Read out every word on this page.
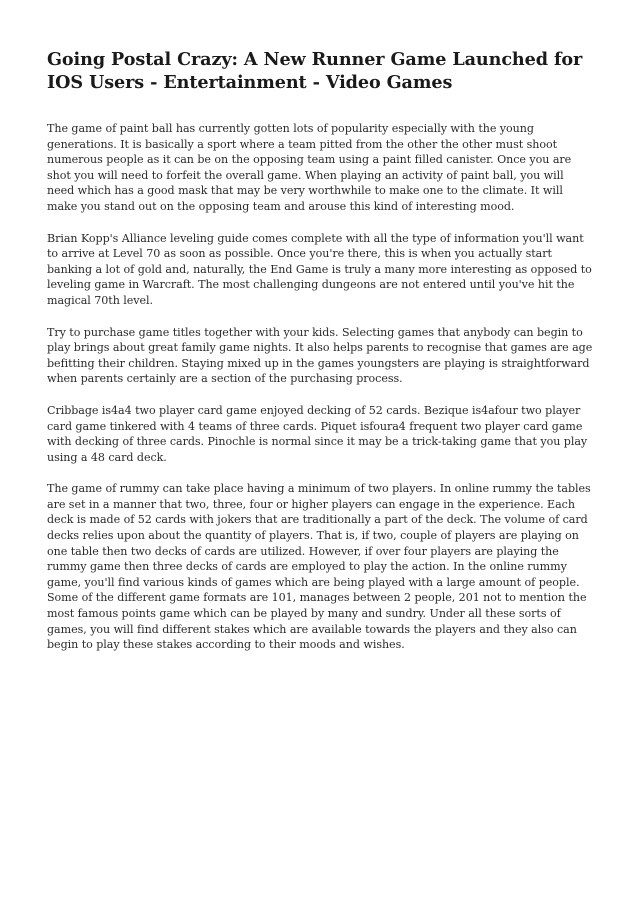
Going Postal Crazy: A New Runner Game Launched for IOS Users - Entertainment - Video Games

The game of paint ball has currently gotten lots of popularity especially with the young generations. It is basically a sport where a team pitted from the other the other must shoot numerous people as it can be on the opposing team using a paint filled canister. Once you are shot you will need to forfeit the overall game. When playing an activity of paint ball, you will need which has a good mask that may be very worthwhile to make one to the climate. It will make you stand out on the opposing team and arouse this kind of interesting mood.

Brian Kopp's Alliance leveling guide comes complete with all the type of information you'll want to arrive at Level 70 as soon as possible. Once you're there, this is when you actually start banking a lot of gold and, naturally, the End Game is truly a many more interesting as opposed to leveling game in Warcraft. The most challenging dungeons are not entered until you've hit the magical 70th level.

Try to purchase game titles together with your kids. Selecting games that anybody can begin to play brings about great family game nights. It also helps parents to recognise that games are age befitting their children. Staying mixed up in the games youngsters are playing is straightforward when parents certainly are a section of the purchasing process.

Cribbage is4a4 two player card game enjoyed decking of 52 cards. Bezique is4afour two player card game tinkered with 4 teams of three cards. Piquet isfoura4 frequent two player card game with decking of three cards. Pinochle is normal since it may be a trick-taking game that you play using a 48 card deck.

The game of rummy can take place having a minimum of two players. In online rummy the tables are set in a manner that two, three, four or higher players can engage in the experience. Each deck is made of 52 cards with jokers that are traditionally a part of the deck. The volume of card decks relies upon about the quantity of players. That is, if two, couple of players are playing on one table then two decks of cards are utilized. However, if over four players are playing the rummy game then three decks of cards are employed to play the action. In the online rummy game, you'll find various kinds of games which are being played with a large amount of people. Some of the different game formats are 101, manages between 2 people, 201 not to mention the most famous points game which can be played by many and sundry. Under all these sorts of games, you will find different stakes which are available towards the players and they also can begin to play these stakes according to their moods and wishes.
